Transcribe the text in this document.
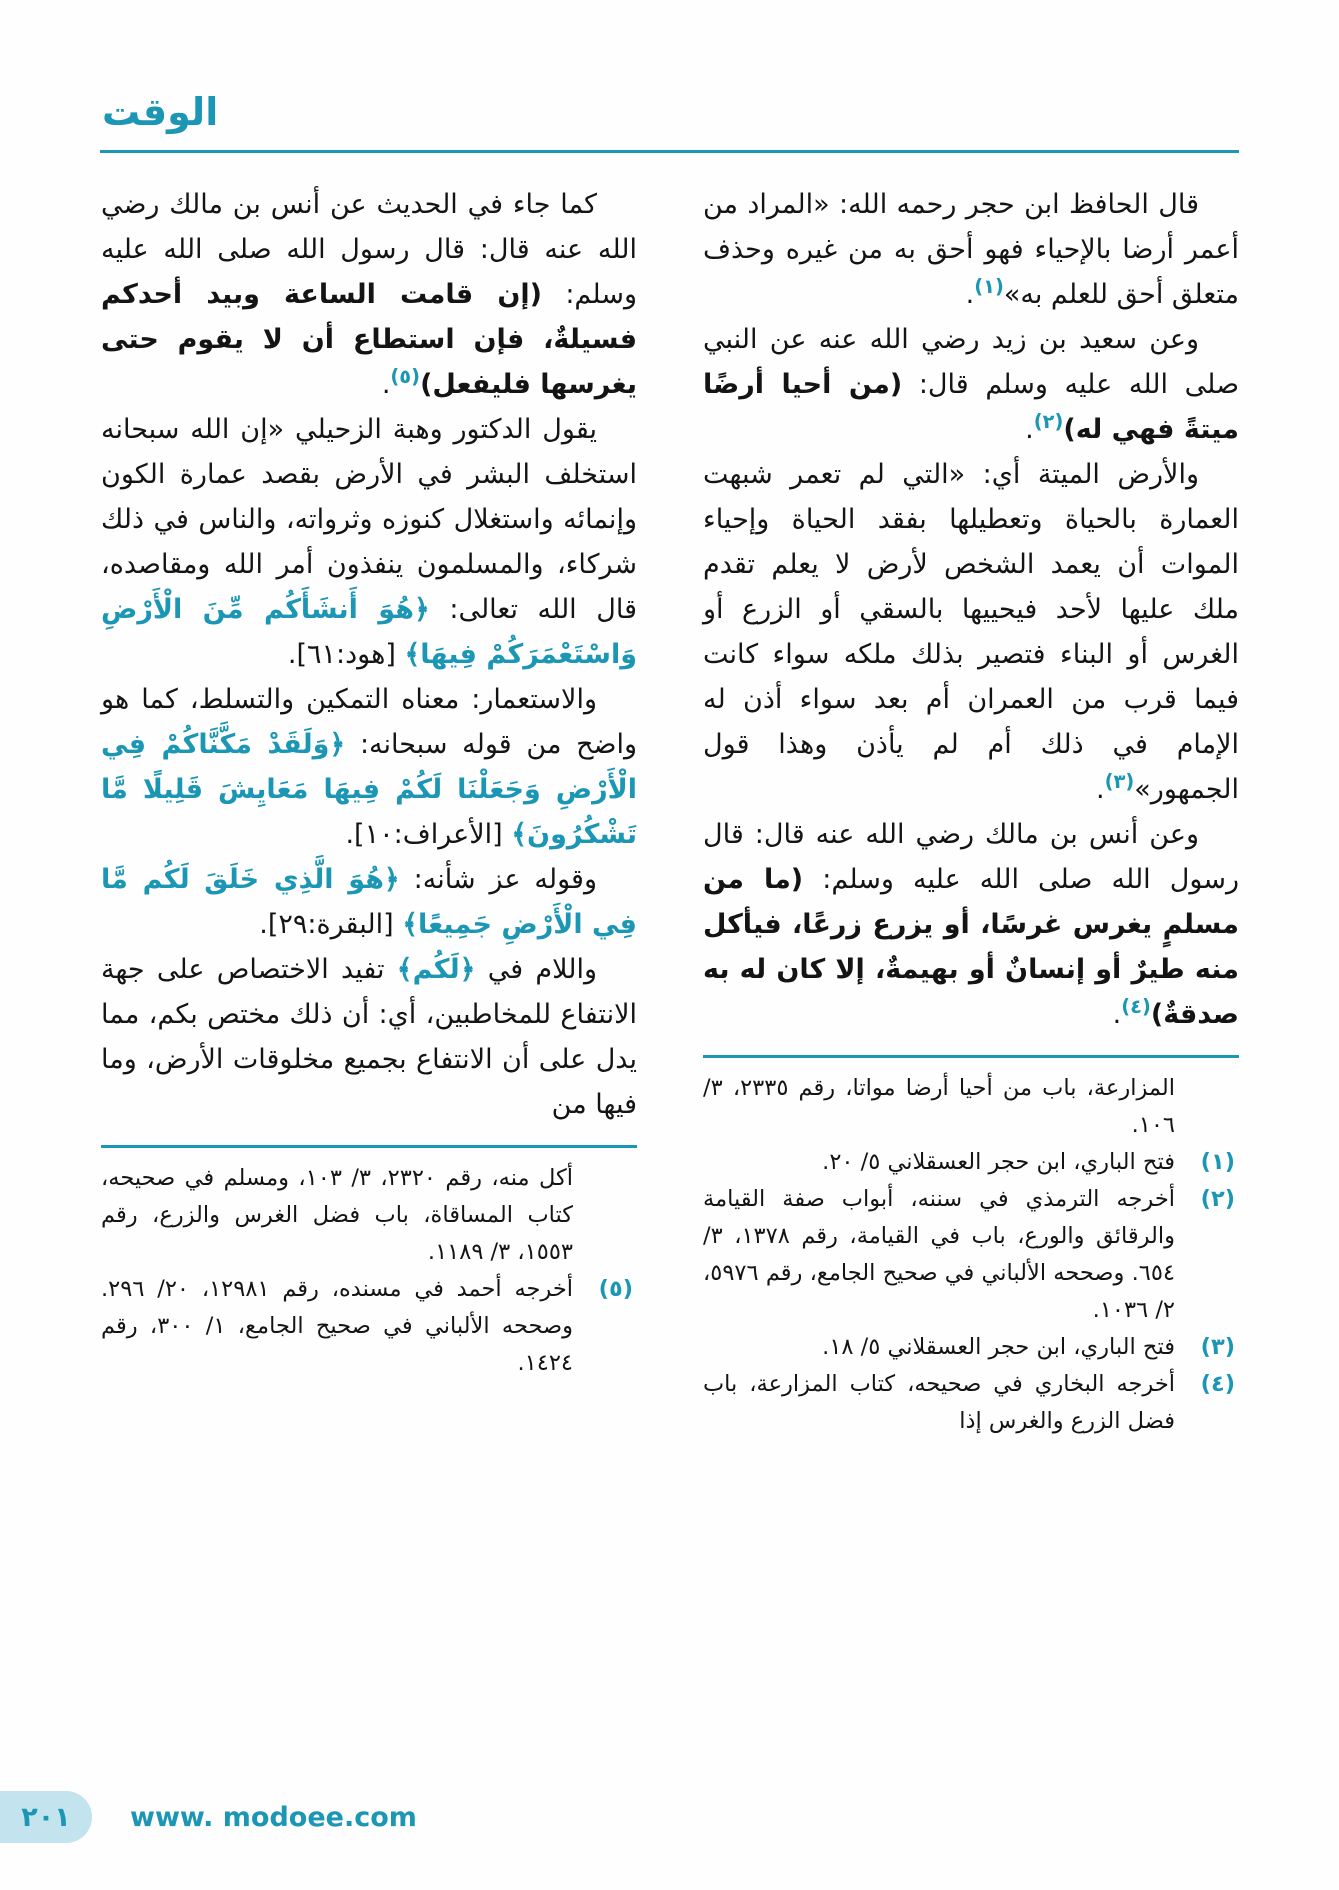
الوقت

قال الحافظ ابن حجر رحمه الله: «المراد من أعمر أرضا بالإحياء فهو أحق به من غيره وحذف متعلق أحق للعلم به»$^{(١)}$.

وعن سعيد بن زيد رضي الله عنه عن النبي صلى الله عليه وسلم قال: (من أحيا أرضًا ميتةً فهي له)$^{(٢)}$.

والأرض الميتة أي: «التي لم تعمر شبهت العمارة بالحياة وتعطيلها بفقد الحياة وإحياء الموات أن يعمد الشخص لأرض لا يعلم تقدم ملك عليها لأحد فيحييها بالسقي أو الزرع أو الغرس أو البناء فتصير بذلك ملكه سواء كانت فيما قرب من العمران أم بعد سواء أذن له الإمام في ذلك أم لم يأذن وهذا قول الجمهور»$^{(٣)}$.

وعن أنس بن مالك رضي الله عنه قال: قال رسول الله صلى الله عليه وسلم: (ما من مسلمٍ يغرس غرسًا، أو يزرع زرعًا، فيأكل منه طيرٌ أو إنسانٌ أو بهيمةٌ، إلا كان له به صدقةٌ)$^{(٤)}$.

المزارعة، باب من أحيا أرضا مواتا، رقم ٢٣٣٥، ٣/ ١٠٦.
(١)
فتح الباري، ابن حجر العسقلاني ٥/ ٢٠.
(٢)
أخرجه الترمذي في سننه، أبواب صفة القيامة والرقائق والورع، باب في القيامة، رقم ١٣٧٨، ٣/ ٦٥٤. وصححه الألباني في صحيح الجامع، رقم ٥٩٧٦، ٢/ ١٠٣٦.
(٣)
فتح الباري، ابن حجر العسقلاني ٥/ ١٨.
(٤)
أخرجه البخاري في صحيحه، كتاب المزارعة، باب فضل الزرع والغرس إذا

كما جاء في الحديث عن أنس بن مالك رضي الله عنه قال: قال رسول الله صلى الله عليه وسلم: (إن قامت الساعة وبيد أحدكم فسيلةٌ، فإن استطاع أن لا يقوم حتى يغرسها فليفعل)$^{(٥)}$.

يقول الدكتور وهبة الزحيلي «إن الله سبحانه استخلف البشر في الأرض بقصد عمارة الكون وإنمائه واستغلال كنوزه وثرواته، والناس في ذلك شركاء، والمسلمون ينفذون أمر الله ومقاصده، قال الله تعالى: ﴿هُوَ أَنشَأَكُم مِّنَ الْأَرْضِ وَاسْتَعْمَرَكُمْ فِيهَا﴾ [هود:٦١].

والاستعمار: معناه التمكين والتسلط، كما هو واضح من قوله سبحانه: ﴿وَلَقَدْ مَكَّنَّاكُمْ فِي الْأَرْضِ وَجَعَلْنَا لَكُمْ فِيهَا مَعَايِشَ قَلِيلًا مَّا تَشْكُرُونَ﴾ [الأعراف:١٠].

وقوله عز شأنه: ﴿هُوَ الَّذِي خَلَقَ لَكُم مَّا فِي الْأَرْضِ جَمِيعًا﴾ [البقرة:٢٩].

واللام في ﴿لَكُم﴾ تفيد الاختصاص على جهة الانتفاع للمخاطبين، أي: أن ذلك مختص بكم، مما يدل على أن الانتفاع بجميع مخلوقات الأرض، وما فيها من

أكل منه، رقم ٢٣٢٠، ٣/ ١٠٣، ومسلم في صحيحه، كتاب المساقاة، باب فضل الغرس والزرع، رقم ١٥٥٣، ٣/ ١١٨٩.
(٥)
أخرجه أحمد في مسنده، رقم ١٢٩٨١، ٢٠/ ٢٩٦. وصححه الألباني في صحيح الجامع، ١/ ٣٠٠، رقم ١٤٢٤.
٢٠١ www. modoee.com
